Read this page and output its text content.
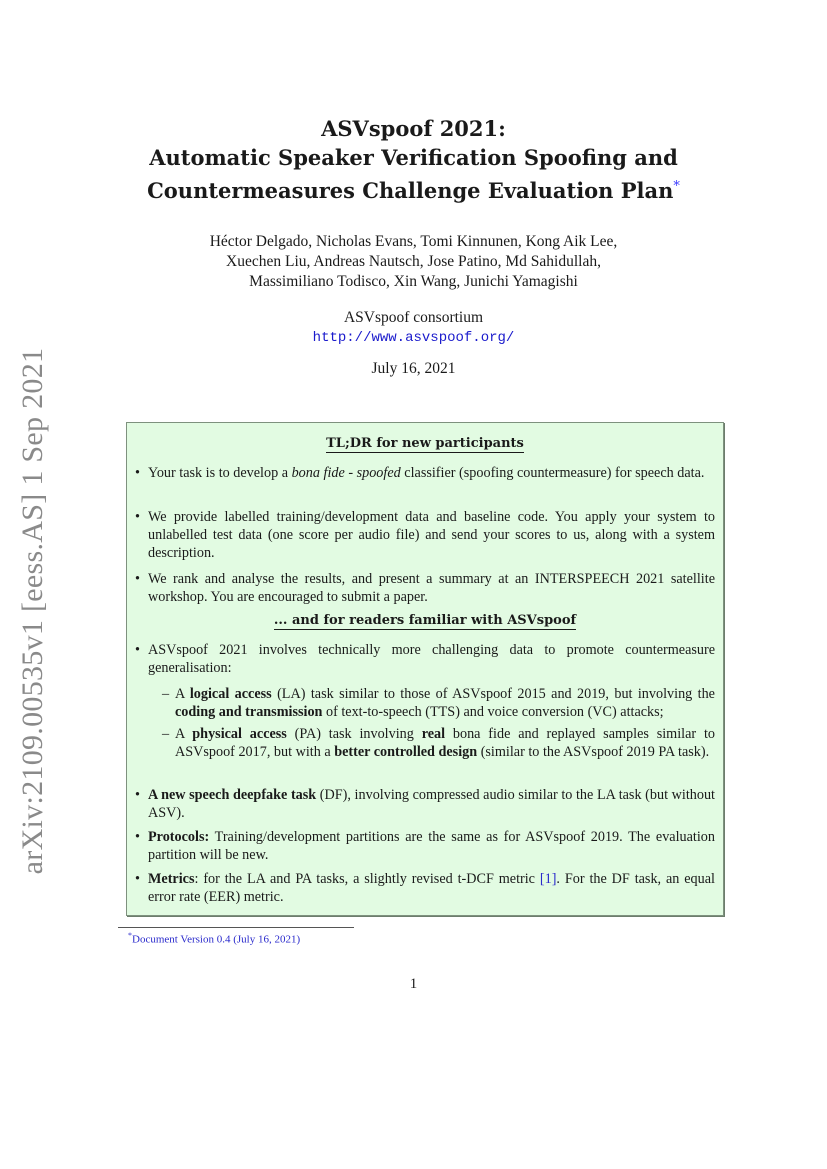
arXiv:2109.00535v1 [eess.AS] 1 Sep 2021
ASVspoof 2021:
Automatic Speaker Verification Spoofing and
Countermeasures Challenge Evaluation Plan*
Héctor Delgado, Nicholas Evans, Tomi Kinnunen, Kong Aik Lee,
Xuechen Liu, Andreas Nautsch, Jose Patino, Md Sahidullah,
Massimiliano Todisco, Xin Wang, Junichi Yamagishi
ASVspoof consortium
http://www.asvspoof.org/
July 16, 2021
TL;DR for new participants
• Your task is to develop a bona fide - spoofed classifier (spoofing countermeasure) for speech data.
• We provide labelled training/development data and baseline code. You apply your system to unlabelled test data (one score per audio file) and send your scores to us, along with a system description.
• We rank and analyse the results, and present a summary at an INTERSPEECH 2021 satellite workshop. You are encouraged to submit a paper.
... and for readers familiar with ASVspoof
• ASVspoof 2021 involves technically more challenging data to promote countermeasure generalisation:
– A logical access (LA) task similar to those of ASVspoof 2015 and 2019, but involving the coding and transmission of text-to-speech (TTS) and voice conversion (VC) attacks;
– A physical access (PA) task involving real bona fide and replayed samples similar to ASVspoof 2017, but with a better controlled design (similar to the ASVspoof 2019 PA task).
• A new speech deepfake task (DF), involving compressed audio similar to the LA task (but without ASV).
• Protocols: Training/development partitions are the same as for ASVspoof 2019. The evaluation partition will be new.
• Metrics: for the LA and PA tasks, a slightly revised t-DCF metric [1]. For the DF task, an equal error rate (EER) metric.
*Document Version 0.4 (July 16, 2021)
1
